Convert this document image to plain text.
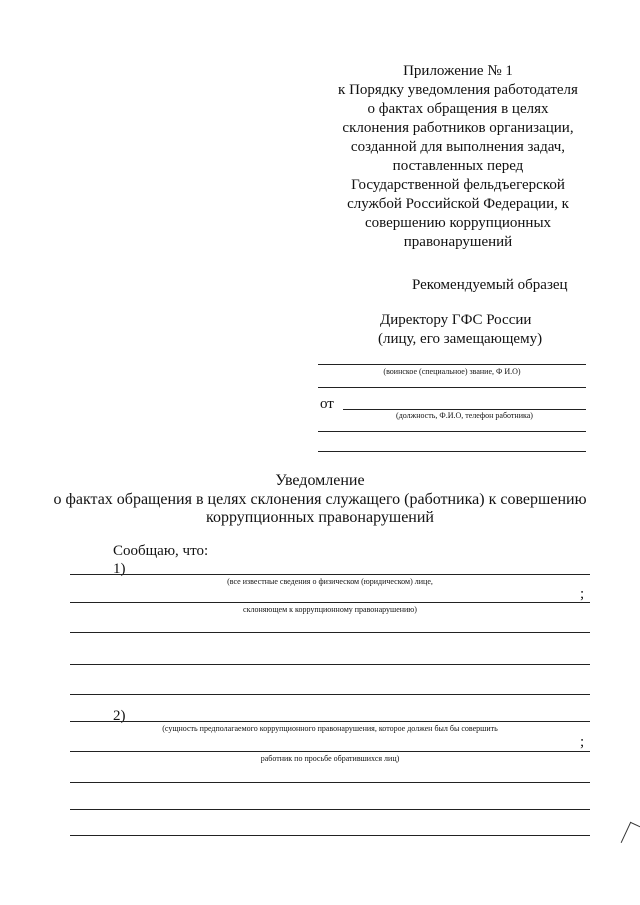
Приложение № 1
к Порядку уведомления работодателя
о фактах обращения в целях
склонения работников организации,
созданной для выполнения задач,
поставленных перед
Государственной фельдъегерской
службой Российской Федерации, к
совершению коррупционных
правонарушений
Рекомендуемый образец
Директору ГФС России
(лицу, его замещающему)
(воинское (специальное) звание, Ф И.О)
от
(должность, Ф.И.О, телефон работника)
Уведомление
о фактах обращения в целях склонения служащего (работника) к совершению
коррупционных правонарушений
Сообщаю, что:
1)
(все известные сведения о физическом (юридическом) лице,
;
склоняющем к коррупционному правонарушению)
2)
(сущность предполагаемого коррупционного правонарушения, которое должен был бы совершить
;
работник по просьбе обратившихся лиц)
